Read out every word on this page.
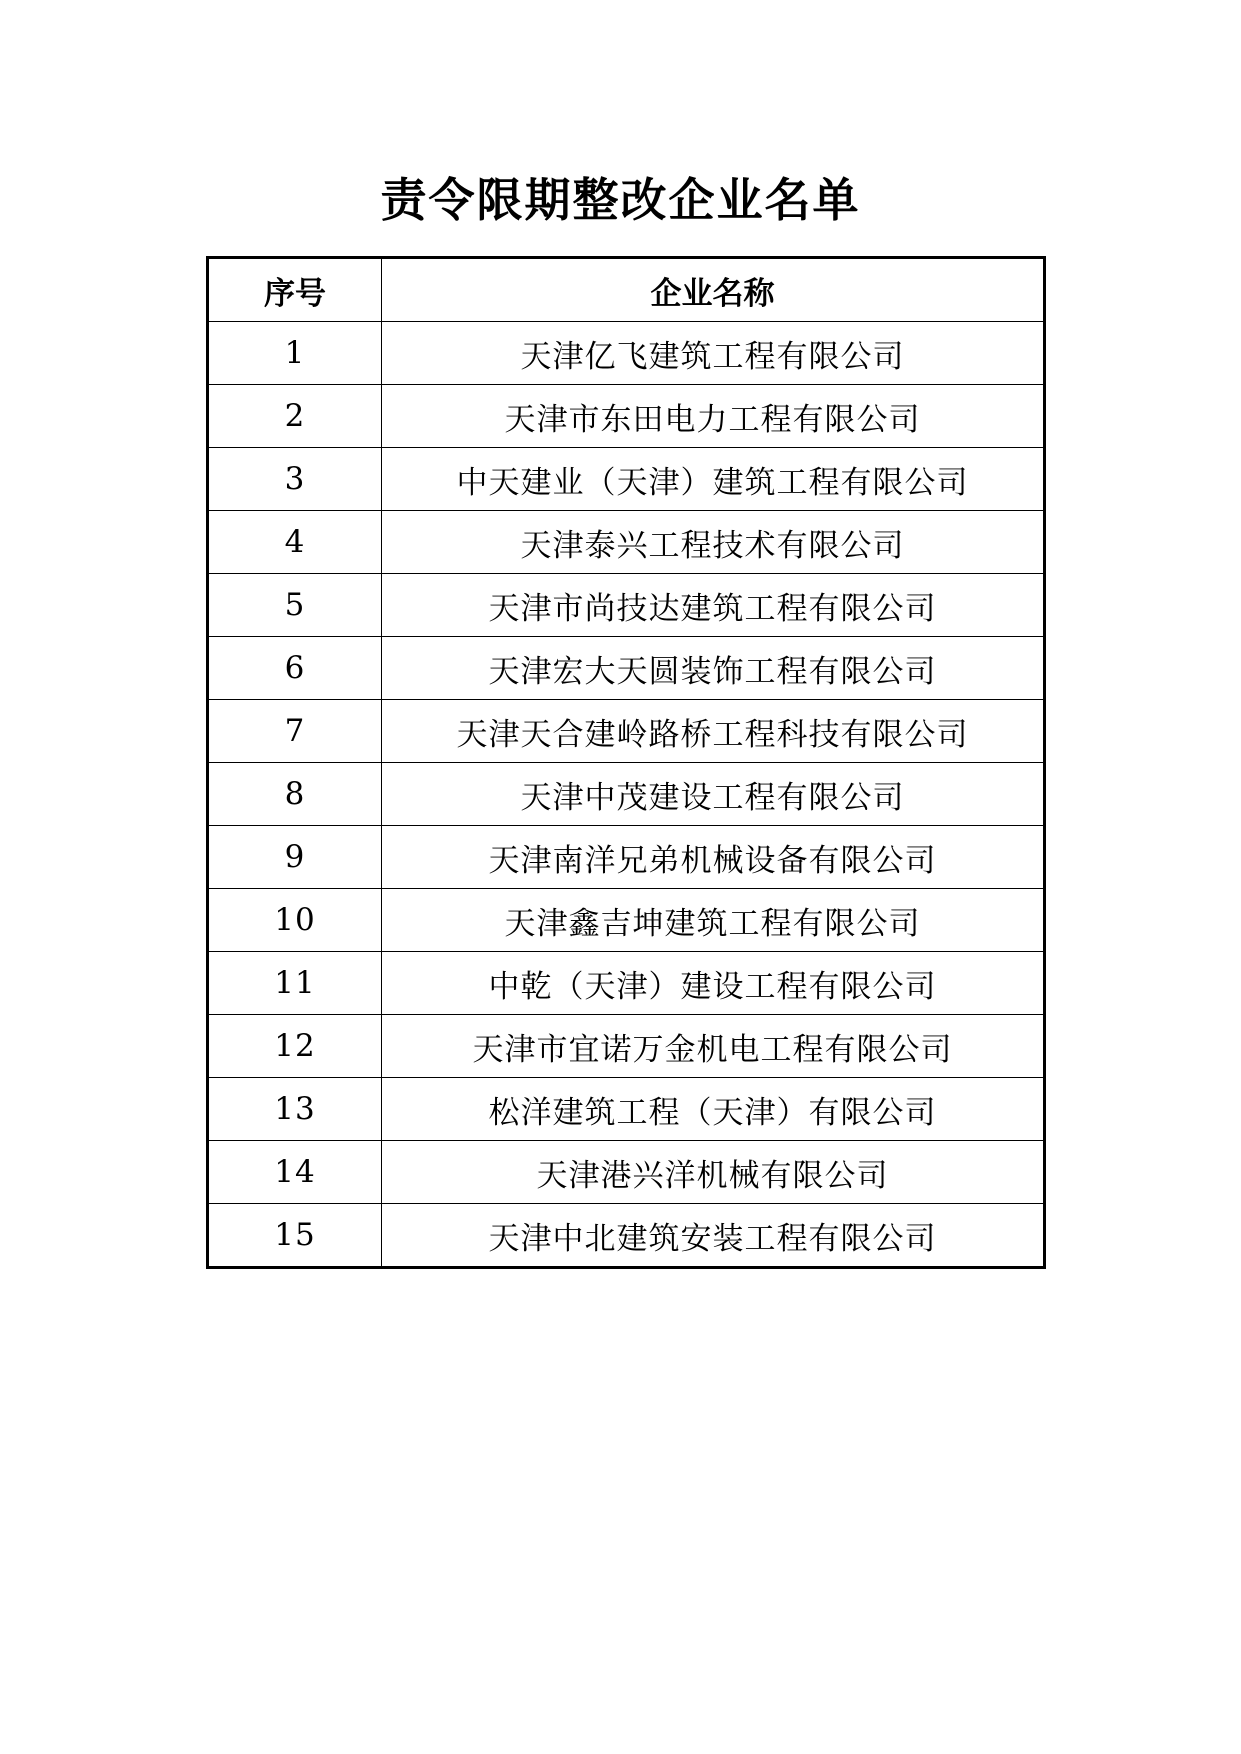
责令限期整改企业名单
序号	企业名称
1	天津亿飞建筑工程有限公司
2	天津市东田电力工程有限公司
3	中天建业（天津）建筑工程有限公司
4	天津泰兴工程技术有限公司
5	天津市尚技达建筑工程有限公司
6	天津宏大天圆装饰工程有限公司
7	天津天合建岭路桥工程科技有限公司
8	天津中茂建设工程有限公司
9	天津南洋兄弟机械设备有限公司
10	天津鑫吉坤建筑工程有限公司
11	中乾（天津）建设工程有限公司
12	天津市宜诺万金机电工程有限公司
13	松洋建筑工程（天津）有限公司
14	天津港兴洋机械有限公司
15	天津中北建筑安装工程有限公司
